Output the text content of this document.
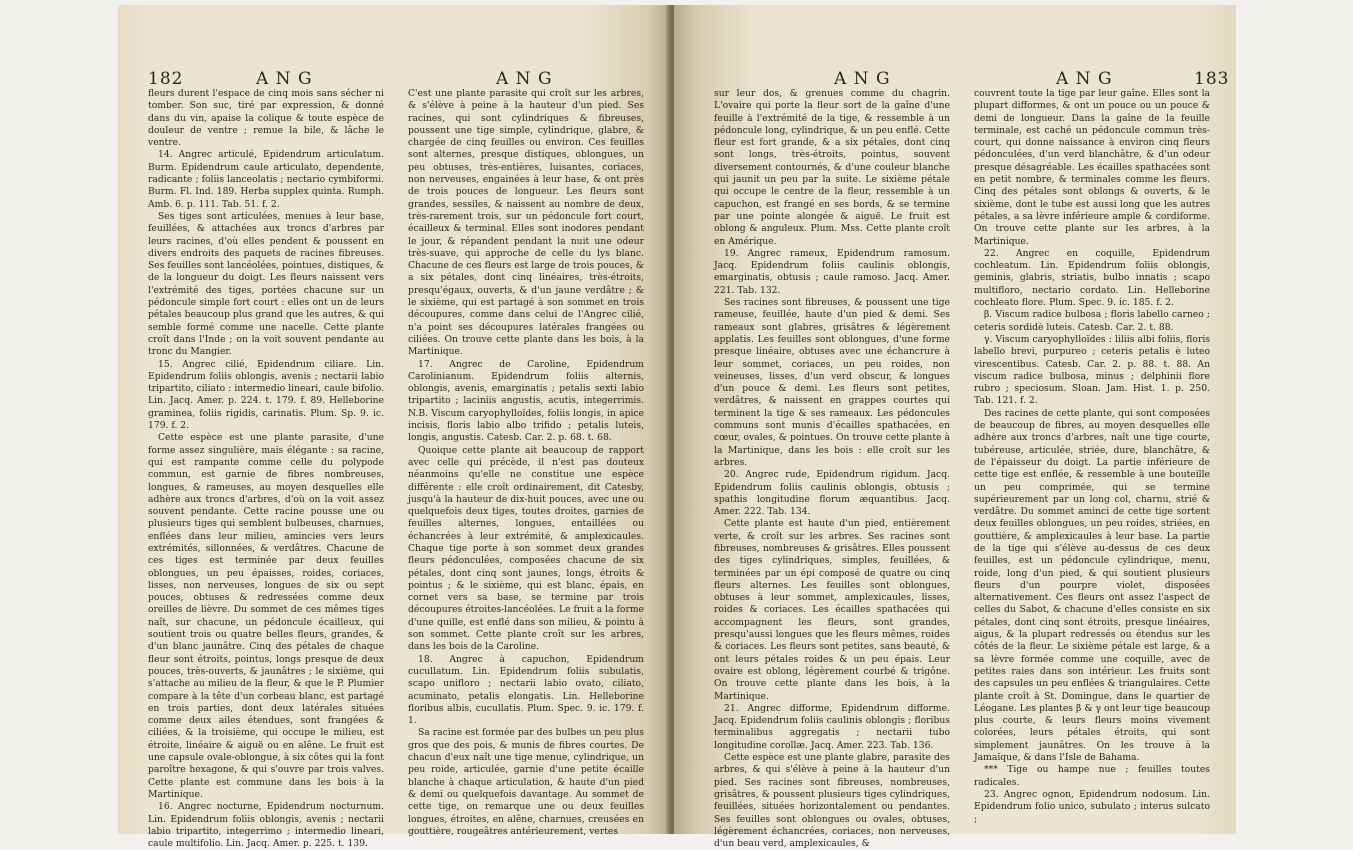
182	A N G	A N G

fleurs durent l'espace de cinq mois sans sécher ni tomber. Son suc, tiré par expression, & donné dans du vin, apaise la colique & toute espèce de douleur de ventre ; remue la bile, & lâche le ventre.

14. Angrec articulé, Epidendrum articulatum. Burm. Epidendrum caule articulato, dependente, radicante ; foliis lanceolatis ; nectario cymbiformi. Burm. Fl. Ind. 189. Herba supplex quinta. Rumph. Amb. 6. p. 111. Tab. 51. f. 2.

Ses tiges sont articulées, menues à leur base, feuillées, & attachées aux troncs d'arbres par leurs racines, d'où elles pendent & poussent en divers endroits des paquets de racines fibreuses. Ses feuilles sont lancéolées, pointues, distiques, & de la longueur du doigt. Les fleurs naissent vers l'extrémité des tiges, portées chacune sur un pédoncule simple fort court : elles ont un de leurs pétales beaucoup plus grand que les autres, & qui semble formé comme une nacelle. Cette plante croît dans l'Inde ; on la voit souvent pendante au tronc du Mangier.

15. Angrec cilié, Epidendrum ciliare. Lin. Epidendrum foliis oblongis, avenis ; nectarii labio tripartito, ciliato : intermedio lineari, caule bifolio. Lin. Jacq. Amer. p. 224. t. 179. f. 89. Helleborine graminea, foliis rigidis, carinatis. Plum. Sp. 9. ic. 179. f. 2.

Cette espèce est une plante parasite, d'une forme assez singulière, mais élégante : sa racine, qui est rampante comme celle du polypode commun, est garnie de fibres nombreuses, longues, & rameuses, au moyen desquelles elle adhère aux troncs d'arbres, d'où on la voit assez souvent pendante. Cette racine pousse une ou plusieurs tiges qui semblent bulbeuses, charnues, enflées dans leur milieu, amincies vers leurs extrémités, sillonnées, & verdâtres. Chacune de ces tiges est terminée par deux feuilles oblongues, un peu épaisses, roides, coriaces, lisses, non nerveuses, longues de six ou sept pouces, obtuses & redressées comme deux oreilles de lièvre. Du sommet de ces mêmes tiges naît, sur chacune, un pédoncule écailleux, qui soutient trois ou quatre belles fleurs, grandes, & d'un blanc jaunâtre. Cinq des pétales de chaque fleur sont étroits, pointus, longs presque de deux pouces, très-ouverts, & jaunâtres ; le sixième, qui s'attache au milieu de la fleur, & que le P. Plumier compare à la tête d'un corbeau blanc, est partagé en trois parties, dont deux latérales situées comme deux ailes étendues, sont frangées & ciliées, & la troisième, qui occupe le milieu, est étroite, linéaire & aiguë ou en alêne. Le fruit est une capsule ovale-oblongue, à six côtes qui la font paroître hexagone, & qui s'ouvre par trois valves. Cette plante est commune dans les bois à la Martinique.

16. Angrec nocturne, Epidendrum nocturnum. Lin. Epidendrum foliis oblongis, avenis ; nectarii labio tripartito, integerrimo ; intermedio lineari, caule multifolio. Lin. Jacq. Amer. p. 225. t. 139.

C'est une plante parasite qui croît sur les arbres, & s'élève à peine à la hauteur d'un pied. Ses racines, qui sont cylindriques & fibreuses, poussent une tige simple, cylindrique, glabre, & chargée de cinq feuilles ou environ. Ces feuilles sont alternes, presque distiques, oblongues, un peu obtuses, très-entières, luisantes, coriaces, non nerveuses, engainées à leur base, & ont près de trois pouces de longueur. Les fleurs sont grandes, sessiles, & naissent au nombre de deux, très-rarement trois, sur un pédoncule fort court, écailleux & terminal. Elles sont inodores pendant le jour, & répandent pendant la nuit une odeur très-suave, qui approche de celle du lys blanc. Chacune de ces fleurs est large de trois pouces, & a six pétales, dont cinq linéaires, très-étroits, presqu'égaux, ouverts, & d'un jaune verdâtre ; & le sixième, qui est partagé à son sommet en trois découpures, comme dans celui de l'Angrec cilié, n'a point ses découpures latérales frangées ou ciliées. On trouve cette plante dans les bois, à la Martinique.

17. Angrec de Caroline, Epidendrum Carolinianum. Epidendrum foliis alternis, oblongis, avenis, emarginatis ; petalis sexti labio tripartito ; laciniis angustis, acutis, integerrimis. N.B. Viscum caryophylloïdes, foliis longis, in apice incisis, floris labio albo trifido ; petalis luteis, longis, angustis. Catesb. Car. 2. p. 68. t. 68.

Quoique cette plante ait beaucoup de rapport avec celle qui précède, il n'est pas douteux néanmoins qu'elle ne constitue une espèce différente : elle croît ordinairement, dit Catesby, jusqu'à la hauteur de dix-huit pouces, avec une ou quelquefois deux tiges, toutes droites, garnies de feuilles alternes, longues, entaillées ou échancrées à leur extrémité, & amplexicaules. Chaque tige porte à son sommet deux grandes fleurs pédonculées, composées chacune de six pétales, dont cinq sont jaunes, longs, étroits & pointus ; & le sixième, qui est blanc, épais, en cornet vers sa base, se termine par trois découpures étroites-lancéolées. Le fruit a la forme d'une quille, est enflé dans son milieu, & pointu à son sommet. Cette plante croît sur les arbres, dans les bois de la Caroline.

18. Angrec à capuchon, Epidendrum cucullatum. Lin. Epidendrum foliis subulatis, scapo unifloro ; nectarii labio ovato, ciliato, acuminato, petalis elongatis. Lin. Helleborine floribus albis, cucullatis. Plum. Spec. 9. ic. 179. f. 1.

Sa racine est formée par des bulbes un peu plus gros que des pois, & munis de fibres courtes. De chacun d'eux naît une tige menue, cylindrique, un peu roide, articulée, garnie d'une petite écaille blanche à chaque articulation, & haute d'un pied & demi ou quelquefois davantage. Au sommet de cette tige, on remarque une ou deux feuilles longues, étroites, en alêne, charnues, creusées en gouttière, rougeâtres antérieurement, vertes

A N G	A N G	183

sur leur dos, & grenues comme du chagrin. L'ovaire qui porte la fleur sort de la gaîne d'une feuille à l'extrémité de la tige, & ressemble à un pédoncule long, cylindrique, & un peu enflé. Cette fleur est fort grande, & a six pétales, dont cinq sont longs, très-étroits, pointus, souvent diversement contournés, & d'une couleur blanche qui jaunit un peu par la suite. Le sixième pétale qui occupe le centre de la fleur, ressemble à un capuchon, est frangé en ses bords, & se termine par une pointe alongée & aiguë. Le fruit est oblong & anguleux. Plum. Mss. Cette plante croît en Amérique.

19. Angrec rameux, Epidendrum ramosum. Jacq. Epidendrum foliis caulinis oblongis, emarginatis, obtusis ; caule ramoso. Jacq. Amer. 221. Tab. 132.

Ses racines sont fibreuses, & poussent une tige rameuse, feuillée, haute d'un pied & demi. Ses rameaux sont glabres, grisâtres & légèrement applatis. Les feuilles sont oblongues, d'une forme presque linéaire, obtuses avec une échancrure à leur sommet, coriaces, un peu roides, non veineuses, lisses, d'un verd obscur, & longues d'un pouce & demi. Les fleurs sont petites, verdâtres, & naissent en grappes courtes qui terminent la tige & ses rameaux. Les pédoncules communs sont munis d'écailles spathacées, en cœur, ovales, & pointues. On trouve cette plante à la Martinique, dans les bois : elle croît sur les arbres.

20. Angrec rude, Epidendrum rigidum. Jacq. Epidendrum foliis caulinis oblongis, obtusis ; spathis longitudine florum æquantibus. Jacq. Amer. 222. Tab. 134.

Cette plante est haute d'un pied, entièrement verte, & croît sur les arbres. Ses racines sont fibreuses, nombreuses & grisâtres. Elles poussent des tiges cylindriques, simples, feuillées, & terminées par un épi composé de quatre ou cinq fleurs alternes. Les feuilles sont oblongues, obtuses à leur sommet, amplexicaules, lisses, roides & coriaces. Les écailles spathacées qui accompagnent les fleurs, sont grandes, presqu'aussi longues que les fleurs mêmes, roides & coriaces. Les fleurs sont petites, sans beauté, & ont leurs pétales roides & un peu épais. Leur ovaire est oblong, légèrement courbé & trigône. On trouve cette plante dans les bois, à la Martinique.

21. Angrec difforme, Epidendrum difforme. Jacq. Epidendrum foliis caulinis oblongis ; floribus terminalibus aggregatis ; nectarii tubo longitudine corollæ. Jacq. Amer. 223. Tab. 136.

Cette espèce est une plante glabre, parasite des arbres, & qui s'élève à peine à la hauteur d'un pied. Ses racines sont fibreuses, nombreuses, grisâtres, & poussent plusieurs tiges cylindriques, feuillées, situées horizontalement ou pendantes. Ses feuilles sont oblongues ou ovales, obtuses, légèrement échancrées, coriaces, non nerveuses, d'un beau verd, amplexicaules, &

couvrent toute la tige par leur gaîne. Elles sont la plupart difformes, & ont un pouce ou un pouce & demi de longueur. Dans la gaîne de la feuille terminale, est caché un pédoncule commun très-court, qui donne naissance à environ cinq fleurs pédonculées, d'un verd blanchâtre, & d'un odeur presque désagréable. Les écailles spathacées sont en petit nombre, & terminales comme les fleurs. Cinq des pétales sont oblongs & ouverts, & le sixième, dont le tube est aussi long que les autres pétales, a sa lèvre inférieure ample & cordiforme. On trouve cette plante sur les arbres, à la Martinique.

22. Angrec en coquille, Epidendrum cochleatum. Lin. Epidendrum foliis oblongis, geminis, glabris, striatis, bulbo innatis ; scapo multifloro, nectario cordato. Lin. Helleborine cochleato flore. Plum. Spec. 9. ic. 185. f. 2.

β. Viscum radice bulbosa ; floris labello carneo ; ceteris sordidè luteis. Catesb. Car. 2. t. 88.

γ. Viscum caryophylloïdes : liliis albi foliis, floris labello brevi, purpureo ; ceteris petalis è luteo virescentibus. Catesb. Car. 2. p. 88. t. 88. An viscum radice bulbosa, minus ; delphinii flore rubro ; speciosum. Sloan. Jam. Hist. 1. p. 250. Tab. 121. f. 2.

Des racines de cette plante, qui sont composées de beaucoup de fibres, au moyen desquelles elle adhère aux troncs d'arbres, naît une tige courte, tubéreuse, articulée, striée, dure, blanchâtre, & de l'épaisseur du doigt. La partie inférieure de cette tige est enflée, & ressemble à une bouteille un peu comprimée, qui se termine supérieurement par un long col, charnu, strié & verdâtre. Du sommet aminci de cette tige sortent deux feuilles oblongues, un peu roides, striées, en gouttière, & amplexicaules à leur base. La partie de la tige qui s'élève au-dessus de ces deux feuilles, est un pédoncule cylindrique, menu, roide, long d'un pied, & qui soutient plusieurs fleurs d'un pourpre violet, disposées alternativement. Ces fleurs ont assez l'aspect de celles du Sabot, & chacune d'elles consiste en six pétales, dont cinq sont étroits, presque linéaires, aigus, & la plupart redressés ou étendus sur les côtés de la fleur. Le sixième pétale est large, & a sa lèvre formée comme une coquille, avec de petites raies dans son intérieur. Les fruits sont des capsules un peu enflées & triangulaires. Cette plante croît à St. Domingue, dans le quartier de Léogane. Les plantes β & γ ont leur tige beaucoup plus courte, & leurs fleurs moins vivement colorées, leurs pétales étroits, qui sont simplement jaunâtres. On les trouve à la Jamaïque, & dans l'Isle de Bahama.

*** Tige ou hampe nue ; feuilles toutes radicales.

23. Angrec ognon, Epidendrum nodosum. Lin. Epidendrum folio unico, subulato ; interus sulcato ;
